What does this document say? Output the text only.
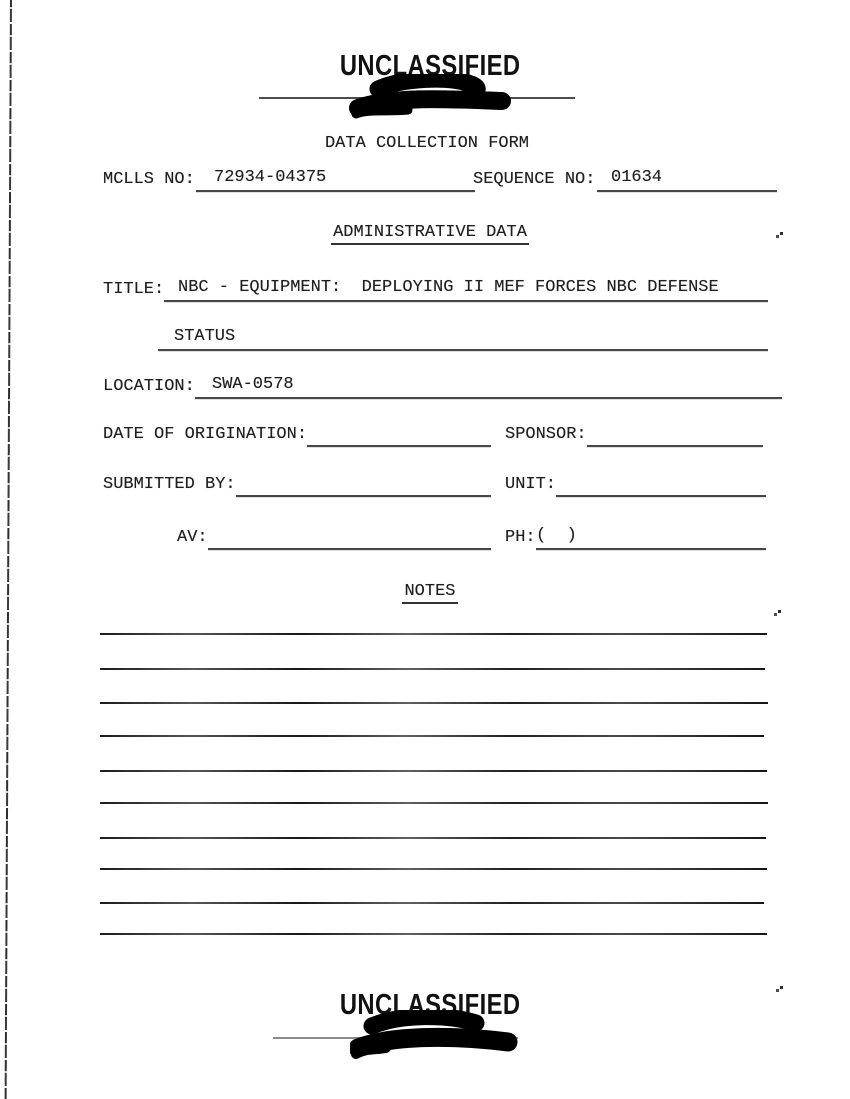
UNCLASSIFIED
DATA COLLECTION FORM
MCLLS NO:	72934-04375	SEQUENCE NO: 01634
ADMINISTRATIVE DATA
TITLE: NBC - EQUIPMENT:  DEPLOYING II MEF FORCES NBC DEFENSE
STATUS
LOCATION:	SWA-0578
DATE OF ORIGINATION:	SPONSOR:
SUBMITTED BY:	UNIT:
AV:	PH: (  )
NOTES
UNCLASSIFIED
